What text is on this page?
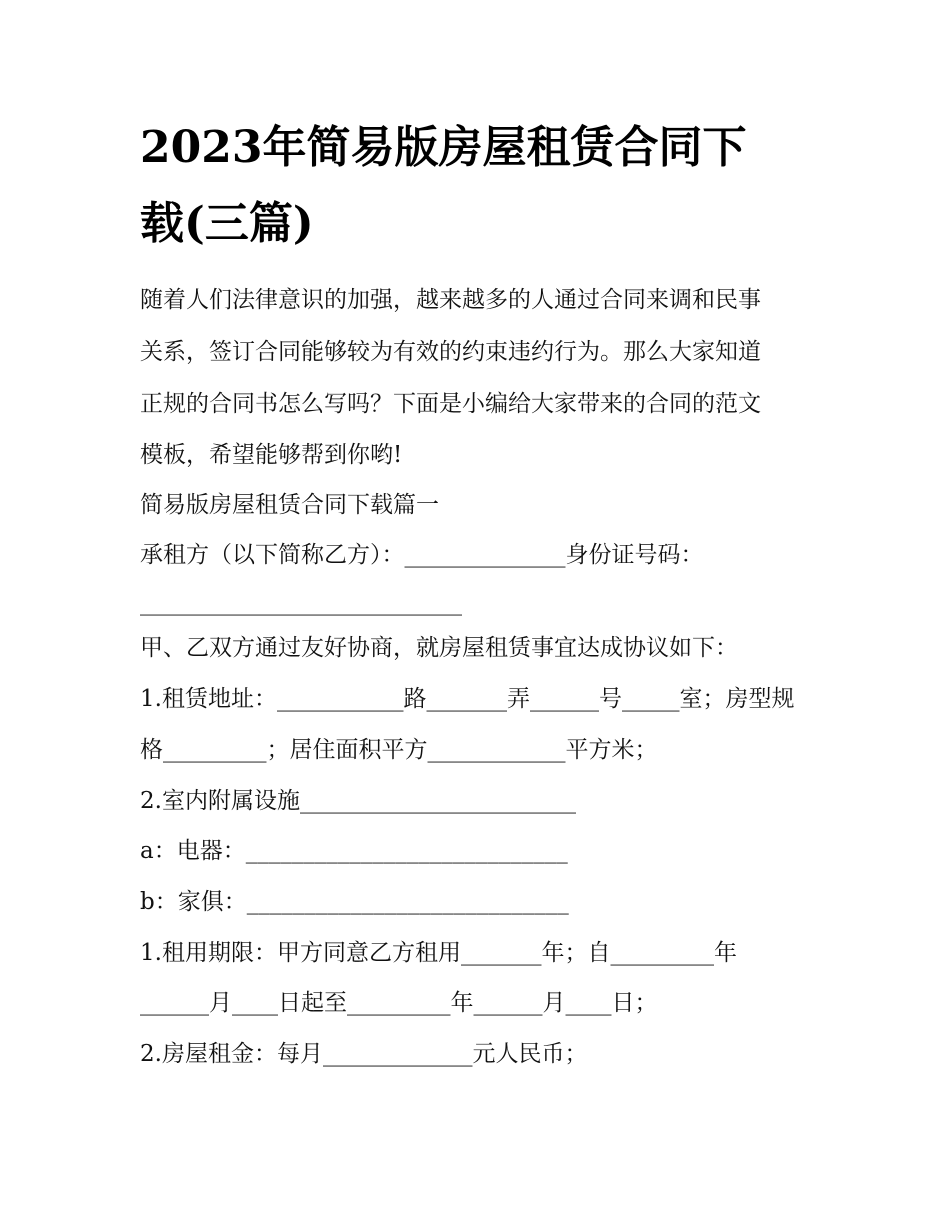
2023年简易版房屋租赁合同下
载(三篇)

随着人们法律意识的加强，越来越多的人通过合同来调和民事

关系，签订合同能够较为有效的约束违约行为。那么大家知道

正规的合同书怎么写吗？下面是小编给大家带来的合同的范文

模板，希望能够帮到你哟!

简易版房屋租赁合同下载篇一

承租方（以下简称乙方）：______________身份证号码：

____________________________

甲、乙双方通过友好协商，就房屋租赁事宜达成协议如下：

1.租赁地址：___________路_______弄______号_____室；房型规

格_________；居住面积平方____________平方米；

2.室内附属设施________________________

a：电器：____________________________

b：家俱：____________________________

1.租用期限：甲方同意乙方租用_______年；自_________年

______月____日起至_________年______月____日；

2.房屋租金：每月_____________元人民币；
